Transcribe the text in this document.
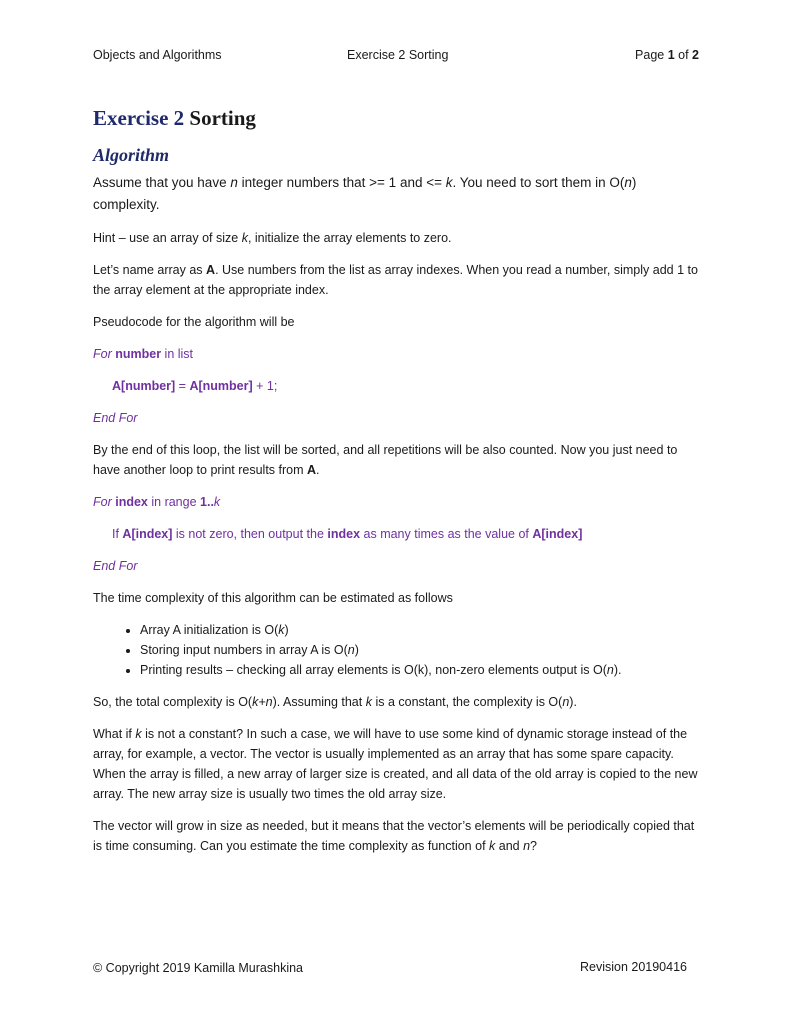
Objects and Algorithms	Exercise 2 Sorting	Page 1 of 2
Exercise 2 Sorting
Algorithm

Assume that you have n integer numbers that >= 1 and <= k. You need to sort them in O(n) complexity.

Hint – use an array of size k, initialize the array elements to zero.

Let’s name array as A. Use numbers from the list as array indexes. When you read a number, simply add 1 to the array element at the appropriate index.

Pseudocode for the algorithm will be

For number in list

A[number] = A[number] + 1;

End For

By the end of this loop, the list will be sorted, and all repetitions will be also counted. Now you just need to have another loop to print results from A.

For index in range 1..k

If A[index] is not zero, then output the index as many times as the value of A[index]

End For

The time complexity of this algorithm can be estimated as follows

• Array A initialization is O(k)
• Storing input numbers in array A is O(n)
• Printing results – checking all array elements is O(k), non-zero elements output is O(n).

So, the total complexity is O(k+n). Assuming that k is a constant, the complexity is O(n).

What if k is not a constant? In such a case, we will have to use some kind of dynamic storage instead of the array, for example, a vector. The vector is usually implemented as an array that has some spare capacity. When the array is filled, a new array of larger size is created, and all data of the old array is copied to the new array. The new array size is usually two times the old array size.

The vector will grow in size as needed, but it means that the vector’s elements will be periodically copied that is time consuming. Can you estimate the time complexity as function of k and n?

© Copyright 2019 Kamilla Murashkina	Revision 20190416
